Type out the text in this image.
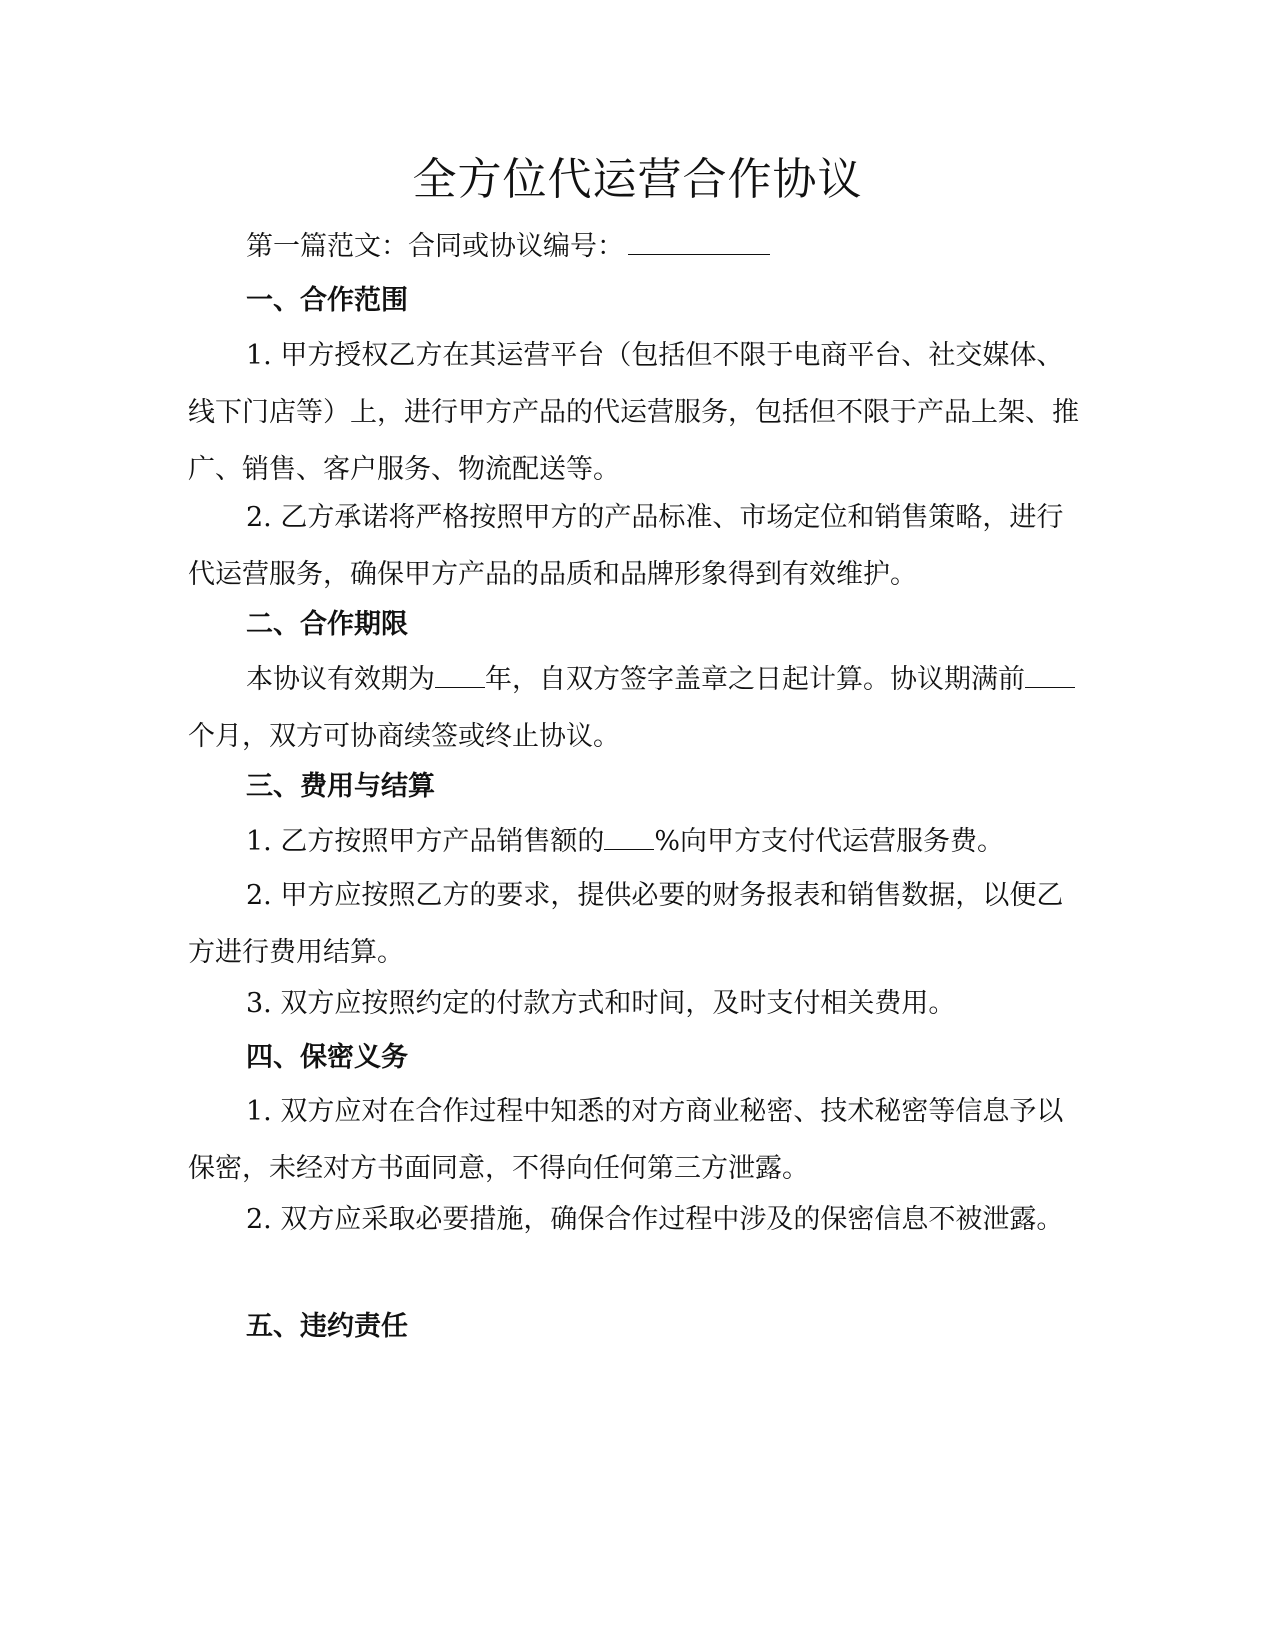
全方位代运营合作协议

第一篇范文：合同或协议编号：

一、合作范围

1. 甲方授权乙方在其运营平台（包括但不限于电商平台、社交媒体、线下门店等）上，进行甲方产品的代运营服务，包括但不限于产品上架、推广、销售、客户服务、物流配送等。

2. 乙方承诺将严格按照甲方的产品标准、市场定位和销售策略，进行代运营服务，确保甲方产品的品质和品牌形象得到有效维护。

二、合作期限

本协议有效期为 年，自双方签字盖章之日起计算。协议期满前个月，双方可协商续签或终止协议。

三、费用与结算

1. 乙方按照甲方产品销售额的 %向甲方支付代运营服务费。

2. 甲方应按照乙方的要求，提供必要的财务报表和销售数据，以便乙方进行费用结算。

3. 双方应按照约定的付款方式和时间，及时支付相关费用。

四、保密义务

1. 双方应对在合作过程中知悉的对方商业秘密、技术秘密等信息予以保密，未经对方书面同意，不得向任何第三方泄露。

2. 双方应采取必要措施，确保合作过程中涉及的保密信息不被泄露。

五、违约责任
